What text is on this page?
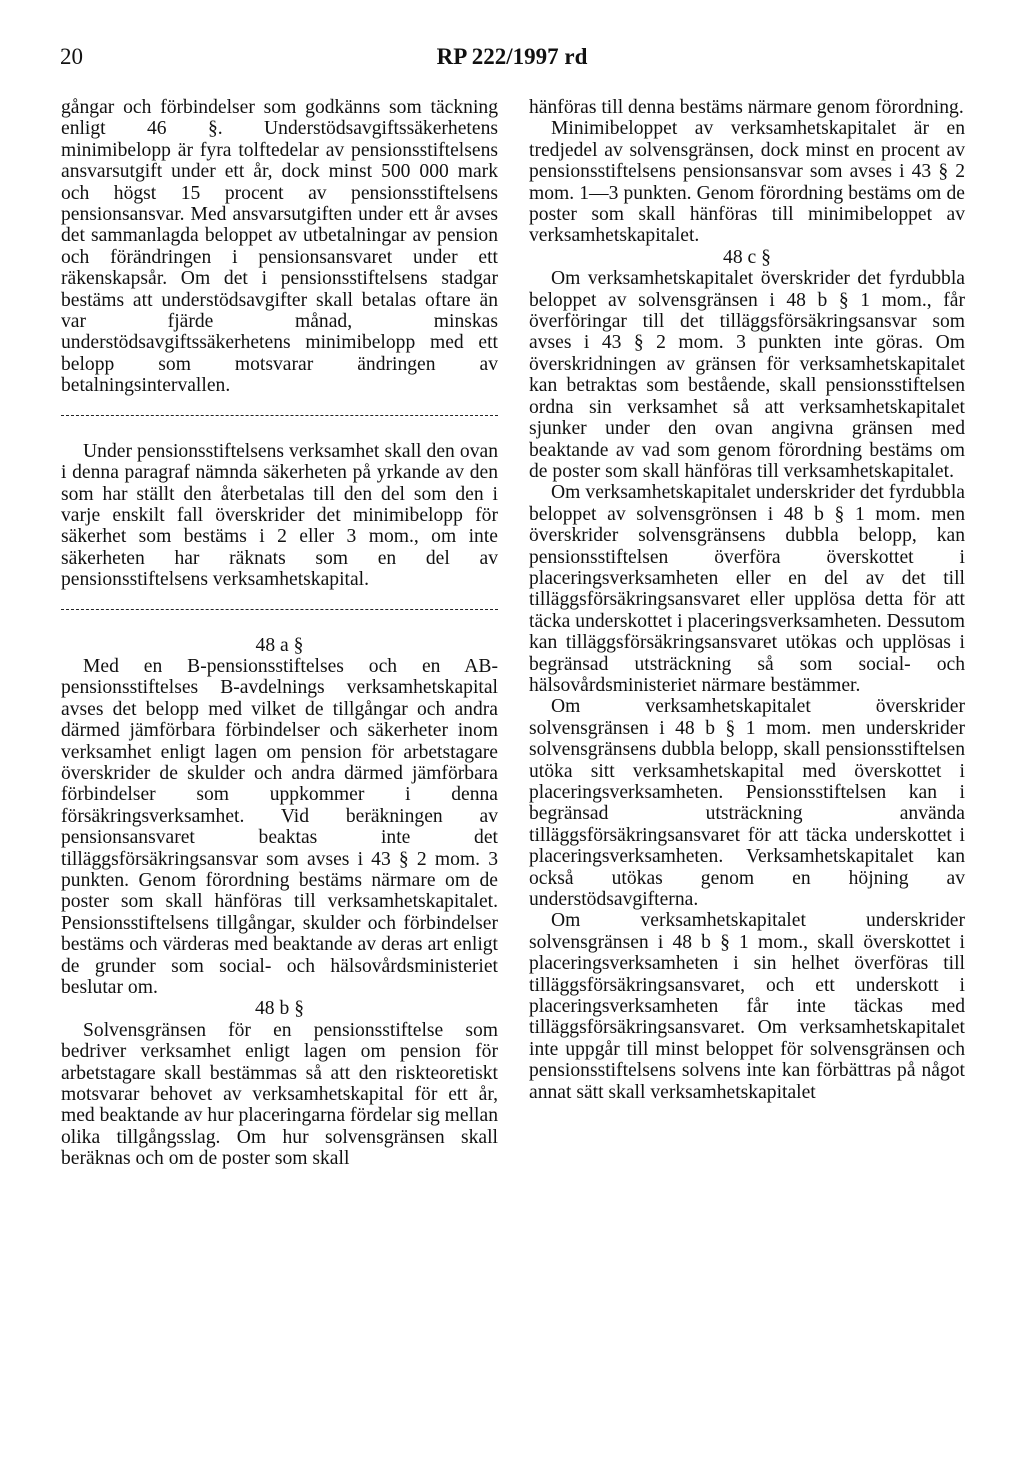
20	RP 222/1997 rd

gångar och förbindelser som godkänns som täckning enligt 46 §. Understödsavgiftssäkerhetens minimibelopp är fyra tolftedelar av pensionsstiftelsens ansvarsutgift under ett år, dock minst 500 000 mark och högst 15 procent av pensionsstiftelsens pensionsansvar. Med ansvarsutgiften under ett år avses det sammanlagda beloppet av utbetalningar av pension och förändringen i pensionsansvaret under ett räkenskapsår. Om det i pensionsstiftelsens stadgar bestäms att understödsavgifter skall betalas oftare än var fjärde månad, minskas understödsavgiftssäkerhetens minimibelopp med ett belopp som motsvarar ändringen av betalningsintervallen.

Under pensionsstiftelsens verksamhet skall den ovan i denna paragraf nämnda säkerheten på yrkande av den som har ställt den återbetalas till den del som den i varje enskilt fall överskrider det minimibelopp för säkerhet som bestäms i 2 eller 3 mom., om inte säkerheten har räknats som en del av pensionsstiftelsens verksamhetskapital.

48 a §

Med en B-pensionsstiftelses och en AB-pensionsstiftelses B-avdelnings verksamhetskapital avses det belopp med vilket de tillgångar och andra därmed jämförbara förbindelser och säkerheter inom verksamhet enligt lagen om pension för arbetstagare överskrider de skulder och andra därmed jämförbara förbindelser som uppkommer i denna försäkringsverksamhet. Vid beräkningen av pensionsansvaret beaktas inte det tilläggsförsäkringsansvar som avses i 43 § 2 mom. 3 punkten. Genom förordning bestäms närmare om de poster som skall hänföras till verksamhetskapitalet. Pensionsstiftelsens tillgångar, skulder och förbindelser bestäms och värderas med beaktande av deras art enligt de grunder som social- och hälsovårdsministeriet beslutar om.

48 b §

Solvensgränsen för en pensionsstiftelse som bedriver verksamhet enligt lagen om pension för arbetstagare skall bestämmas så att den riskteoretiskt motsvarar behovet av verksamhetskapital för ett år, med beaktande av hur placeringarna fördelar sig mellan olika tillgångsslag. Om hur solvensgränsen skall beräknas och om de poster som skall

hänföras till denna bestäms närmare genom förordning.

Minimibeloppet av verksamhetskapitalet är en tredjedel av solvensgränsen, dock minst en procent av pensionsstiftelsens pensionsansvar som avses i 43 § 2 mom. 1—3 punkten. Genom förordning bestäms om de poster som skall hänföras till minimibeloppet av verksamhetskapitalet.

48 c §

Om verksamhetskapitalet överskrider det fyrdubbla beloppet av solvensgränsen i 48 b § 1 mom., får överföringar till det tilläggsförsäkringsansvar som avses i 43 § 2 mom. 3 punkten inte göras. Om överskridningen av gränsen för verksamhetskapitalet kan betraktas som bestående, skall pensionsstiftelsen ordna sin verksamhet så att verksamhetskapitalet sjunker under den ovan angivna gränsen med beaktande av vad som genom förordning bestäms om de poster som skall hänföras till verksamhetskapitalet.

Om verksamhetskapitalet underskrider det fyrdubbla beloppet av solvensgrönsen i 48 b § 1 mom. men överskrider solvensgränsens dubbla belopp, kan pensionsstiftelsen överföra överskottet i placeringsverksamheten eller en del av det till tilläggsförsäkringsansvaret eller upplösa detta för att täcka underskottet i placeringsverksamheten. Dessutom kan tilläggsförsäkringsansvaret utökas och upplösas i begränsad utsträckning så som social- och hälsovårdsministeriet närmare bestämmer.

Om verksamhetskapitalet överskrider solvensgränsen i 48 b § 1 mom. men underskrider solvensgränsens dubbla belopp, skall pensionsstiftelsen utöka sitt verksamhetskapital med överskottet i placeringsverksamheten. Pensionsstiftelsen kan i begränsad utsträckning använda tilläggsförsäkringsansvaret för att täcka underskottet i placeringsverksamheten. Verksamhetskapitalet kan också utökas genom en höjning av understödsavgifterna.

Om verksamhetskapitalet underskrider solvensgränsen i 48 b § 1 mom., skall överskottet i placeringsverksamheten i sin helhet överföras till tilläggsförsäkringsansvaret, och ett underskott i placeringsverksamheten får inte täckas med tilläggsförsäkringsansvaret. Om verksamhetskapitalet inte uppgår till minst beloppet för solvensgränsen och pensionsstiftelsens solvens inte kan förbättras på något annat sätt skall verksamhetskapitalet
